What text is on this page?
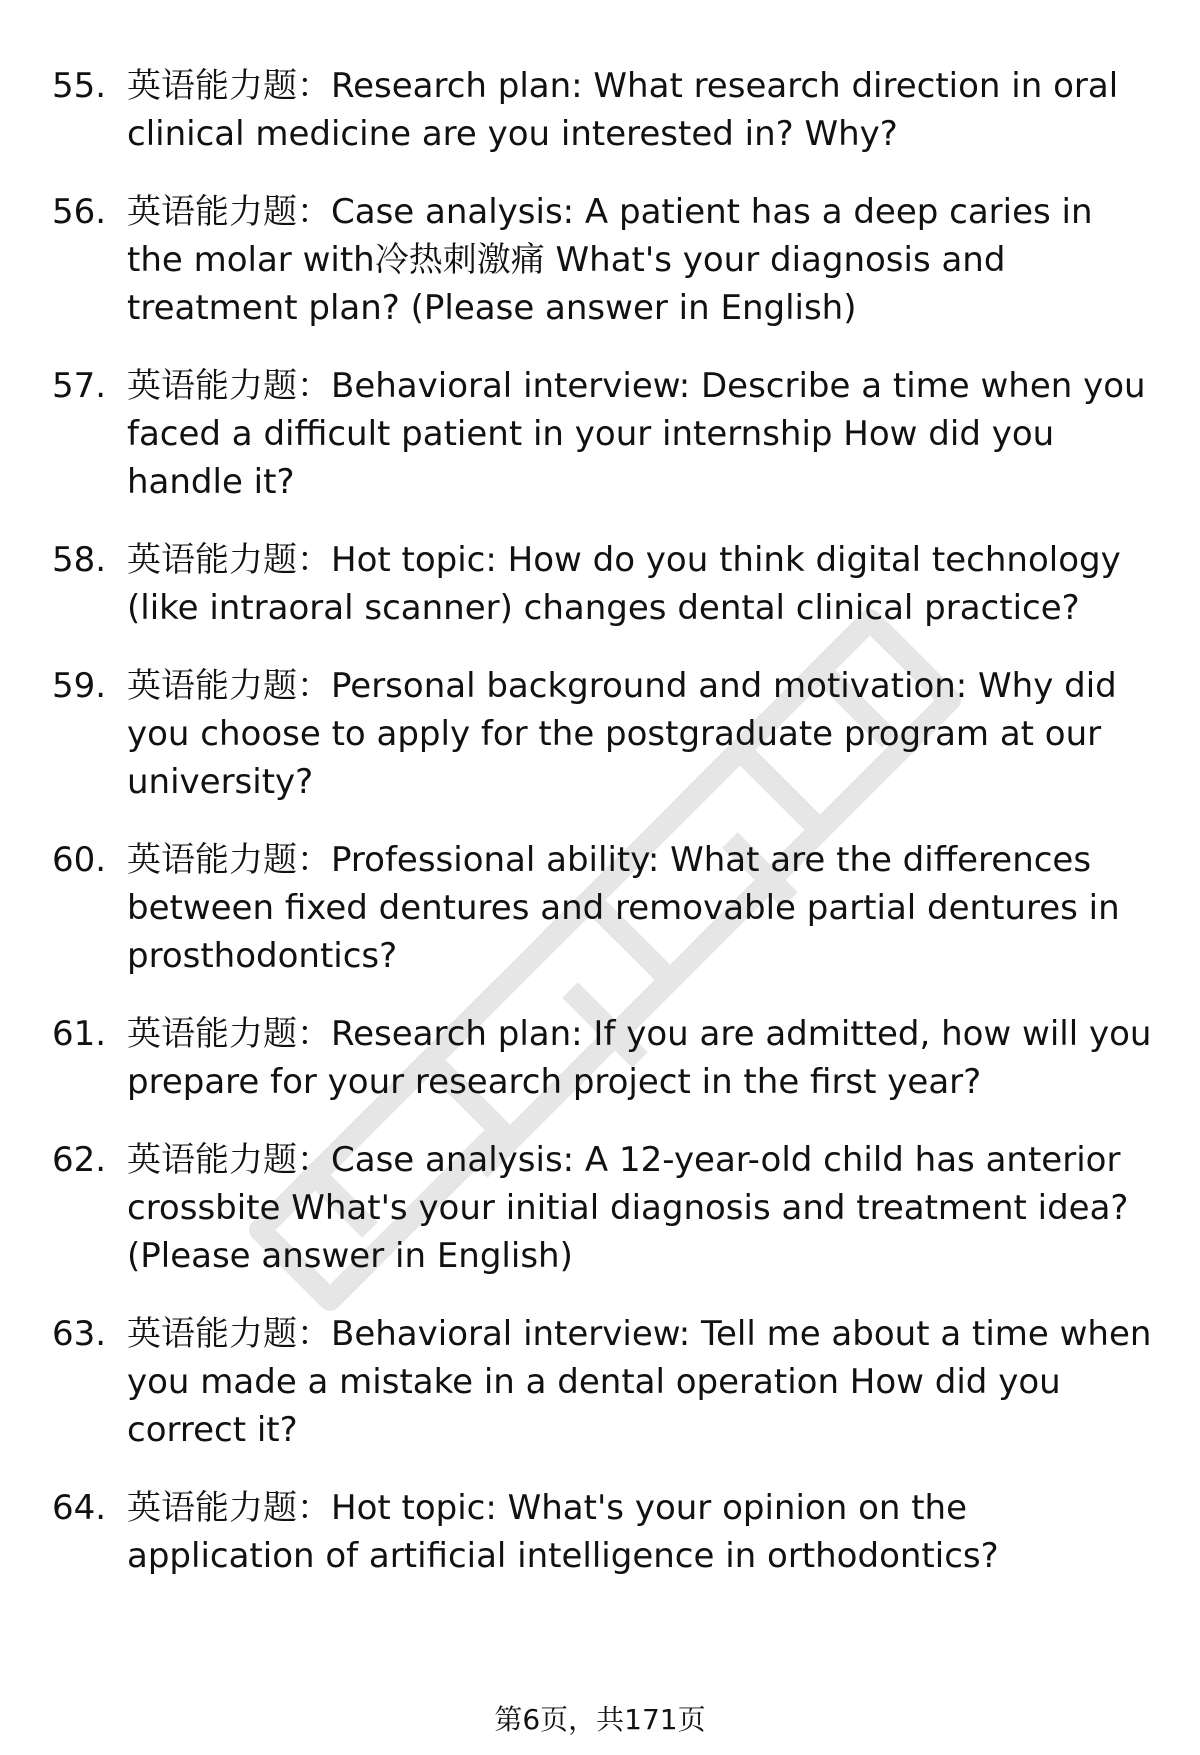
55. 英语能力题：Research plan: What research direction in oral clinical medicine are you interested in? Why?
56. 英语能力题：Case analysis: A patient has a deep caries in the molar with冷热刺激痛 What's your diagnosis and treatment plan? (Please answer in English)
57. 英语能力题：Behavioral interview: Describe a time when you faced a difficult patient in your internship How did you handle it?
58. 英语能力题：Hot topic: How do you think digital technology (like intraoral scanner) changes dental clinical practice?
59. 英语能力题：Personal background and motivation: Why did you choose to apply for the postgraduate program at our university?
60. 英语能力题：Professional ability: What are the differences between fixed dentures and removable partial dentures in prosthodontics?
61. 英语能力题：Research plan: If you are admitted, how will you prepare for your research project in the first year?
62. 英语能力题：Case analysis: A 12-year-old child has anterior crossbite What's your initial diagnosis and treatment idea? (Please answer in English)
63. 英语能力题：Behavioral interview: Tell me about a time when you made a mistake in a dental operation How did you correct it?
64. 英语能力题：Hot topic: What's your opinion on the application of artificial intelligence in orthodontics?
第6页，共171页
